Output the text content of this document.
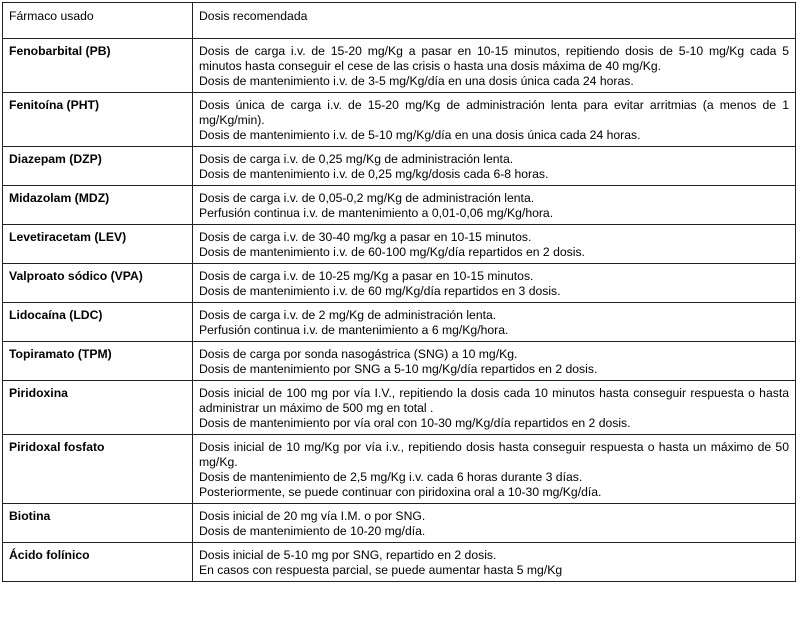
Fármaco usado	Dosis recomendada
Fenobarbital (PB)	Dosis de carga i.v. de 15-20 mg/Kg a pasar en 10-15 minutos, repitiendo dosis de 5-10 mg/Kg cada 5 minutos hasta conseguir el cese de las crisis o hasta una dosis máxima de 40 mg/Kg.
Dosis de mantenimiento i.v. de 3-5 mg/Kg/día en una dosis única cada 24 horas.

Fenitoína (PHT)	Dosis única de carga i.v. de 15-20 mg/Kg de administración lenta para evitar arritmias (a menos de 1 mg/Kg/min).
Dosis de mantenimiento i.v. de 5-10 mg/Kg/día en una dosis única cada 24 horas.

Diazepam (DZP)	Dosis de carga i.v. de 0,25 mg/Kg de administración lenta.
Dosis de mantenimiento i.v. de 0,25 mg/kg/dosis cada 6-8 horas.

Midazolam (MDZ)	Dosis de carga i.v. de 0,05-0,2 mg/Kg de administración lenta.
Perfusión continua i.v. de mantenimiento a 0,01-0,06 mg/Kg/hora.

Levetiracetam (LEV)	Dosis de carga i.v. de 30-40 mg/kg a pasar en 10-15 minutos.
Dosis de mantenimiento i.v. de 60-100 mg/Kg/día repartidos en 2 dosis.

Valproato sódico (VPA)	Dosis de carga i.v. de 10-25 mg/Kg a pasar en 10-15 minutos.
Dosis de mantenimiento i.v. de 60 mg/Kg/día repartidos en 3 dosis.

Lidocaína (LDC)	Dosis de carga i.v. de 2 mg/Kg de administración lenta.
Perfusión continua i.v. de mantenimiento a 6 mg/Kg/hora.

Topiramato (TPM)	Dosis de carga por sonda nasogástrica (SNG) a 10 mg/Kg.
Dosis de mantenimiento por SNG a 5-10 mg/Kg/día repartidos en 2 dosis.

Piridoxina	Dosis inicial de 100 mg por vía I.V., repitiendo la dosis cada 10 minutos hasta conseguir respuesta o hasta administrar un máximo de 500 mg en total .
Dosis de mantenimiento por vía oral con 10-30 mg/Kg/día repartidos en 2 dosis.

Piridoxal fosfato	Dosis inicial de 10 mg/Kg por vía i.v., repitiendo dosis hasta conseguir respuesta o hasta un máximo de 50 mg/Kg.
Dosis de mantenimiento de 2,5 mg/Kg i.v. cada 6 horas durante 3 días.
Posteriormente, se puede continuar con piridoxina oral a 10-30 mg/Kg/día.

Biotina	Dosis inicial de 20 mg vía I.M. o por SNG.
Dosis de mantenimiento de 10-20 mg/día.

Ácido folínico	Dosis inicial de 5-10 mg por SNG, repartido en 2 dosis.
En casos con respuesta parcial, se puede aumentar hasta 5 mg/Kg
